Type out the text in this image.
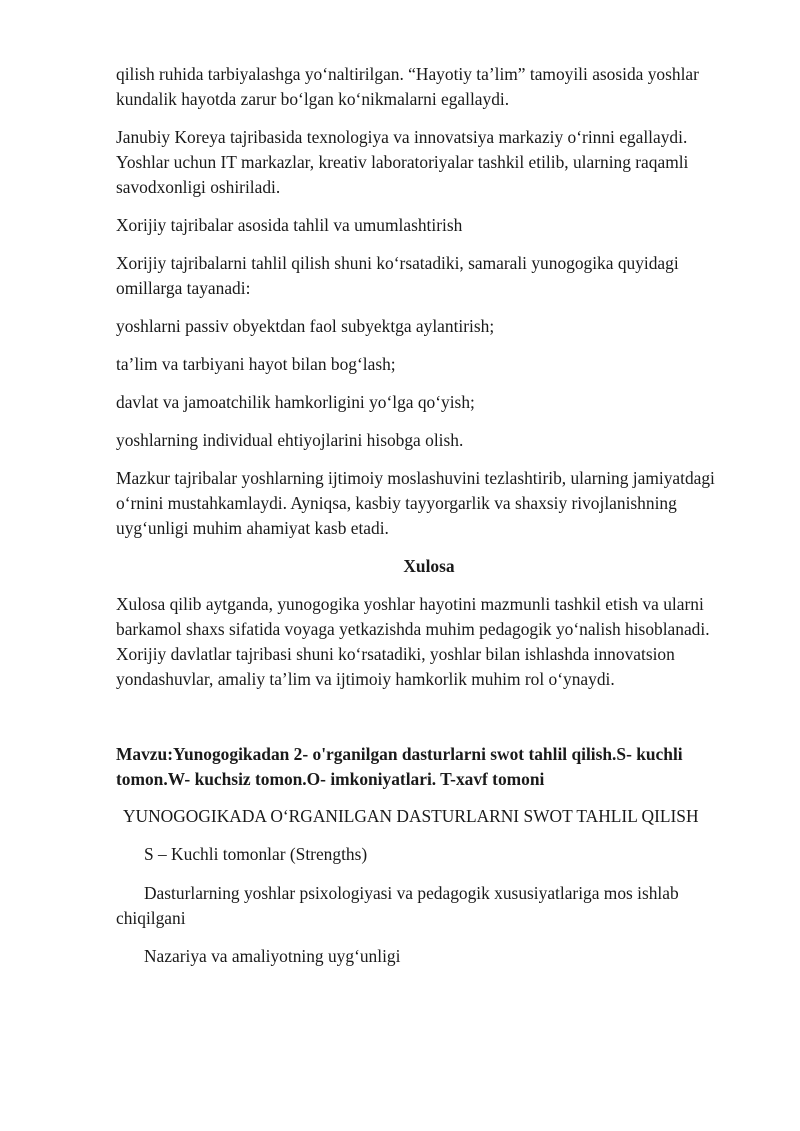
qilish ruhida tarbiyalashga yo‘naltirilgan. “Hayotiy ta’lim” tamoyili asosida yoshlar kundalik hayotda zarur bo‘lgan ko‘nikmalarni egallaydi.

Janubiy Koreya tajribasida texnologiya va innovatsiya markaziy o‘rinni egallaydi. Yoshlar uchun IT markazlar, kreativ laboratoriyalar tashkil etilib, ularning raqamli savodxonligi oshiriladi.

Xorijiy tajribalar asosida tahlil va umumlashtirish

Xorijiy tajribalarni tahlil qilish shuni ko‘rsatadiki, samarali yunogogika quyidagi omillarga tayanadi:

yoshlarni passiv obyektdan faol subyektga aylantirish;

ta’lim va tarbiyani hayot bilan bog‘lash;

davlat va jamoatchilik hamkorligini yo‘lga qo‘yish;

yoshlarning individual ehtiyojlarini hisobga olish.

Mazkur tajribalar yoshlarning ijtimoiy moslashuvini tezlashtirib, ularning jamiyatdagi o‘rnini mustahkamlaydi. Ayniqsa, kasbiy tayyorgarlik va shaxsiy rivojlanishning uyg‘unligi muhim ahamiyat kasb etadi.

Xulosa

Xulosa qilib aytganda, yunogogika yoshlar hayotini mazmunli tashkil etish va ularni barkamol shaxs sifatida voyaga yetkazishda muhim pedagogik yo‘nalish hisoblanadi. Xorijiy davlatlar tajribasi shuni ko‘rsatadiki, yoshlar bilan ishlashda innovatsion yondashuvlar, amaliy ta’lim va ijtimoiy hamkorlik muhim rol o‘ynaydi.

Mavzu:Yunogogikadan 2- o'rganilgan dasturlarni swot tahlil qilish.S- kuchli tomon.W- kuchsiz tomon.O- imkoniyatlari. T-xavf tomoni

YUNOGOGIKADA O‘RGANILGAN DASTURLARNI SWOT TAHLIL QILISH

S – Kuchli tomonlar (Strengths)

Dasturlarning yoshlar psixologiyasi va pedagogik xususiyatlariga mos ishlab chiqilgani

Nazariya va amaliyotning uyg‘unligi
